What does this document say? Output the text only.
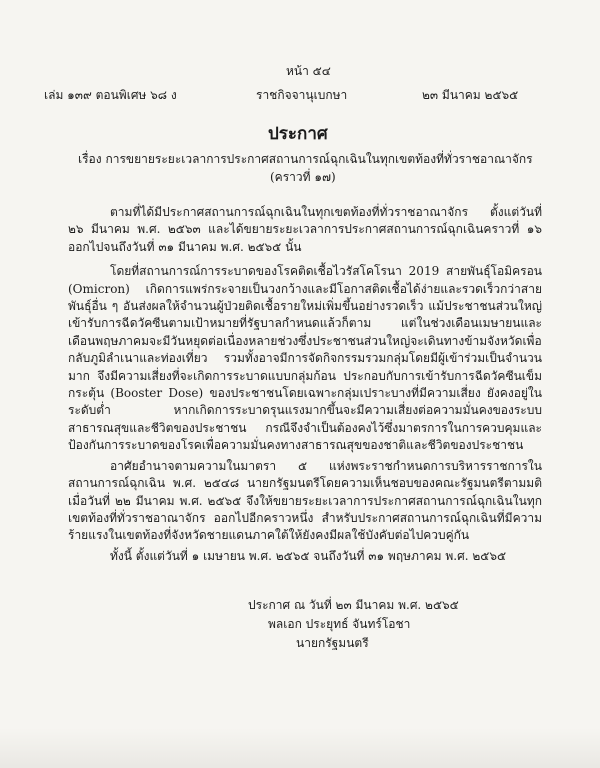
หน้า ๕๔
เล่ม ๑๓๙ ตอนพิเศษ ๖๘ ง	ราชกิจจานุเบกษา	๒๓ มีนาคม ๒๕๖๕
ประกาศ
เรื่อง การขยายระยะเวลาการประกาศสถานการณ์ฉุกเฉินในทุกเขตท้องที่ทั่วราชอาณาจักร
(คราวที่ ๑๗)

ตามที่ได้มีประกาศสถานการณ์ฉุกเฉินในทุกเขตท้องที่ทั่วราชอาณาจักร ตั้งแต่วันที่ ๒๖ มีนาคม พ.ศ. ๒๕๖๓ และได้ขยายระยะเวลาการประกาศสถานการณ์ฉุกเฉินคราวที่ ๑๖ ออกไปจนถึงวันที่ ๓๑ มีนาคม พ.ศ. ๒๕๖๕ นั้น

โดยที่สถานการณ์การระบาดของโรคติดเชื้อไวรัสโคโรนา 2019 สายพันธุ์โอมิครอน (Omicron) เกิดการแพร่กระจายเป็นวงกว้างและมีโอกาสติดเชื้อได้ง่ายและรวดเร็วกว่าสายพันธุ์อื่น ๆ อันส่งผลให้จำนวนผู้ป่วยติดเชื้อรายใหม่เพิ่มขึ้นอย่างรวดเร็ว แม้ประชาชนส่วนใหญ่เข้ารับการฉีดวัคซีนตามเป้าหมายที่รัฐบาลกำหนดแล้วก็ตาม แต่ในช่วงเดือนเมษายนและเดือนพฤษภาคมจะมีวันหยุดต่อเนื่องหลายช่วงซึ่งประชาชนส่วนใหญ่จะเดินทางข้ามจังหวัดเพื่อกลับภูมิลำเนาและท่องเที่ยว รวมทั้งอาจมีการจัดกิจกรรมรวมกลุ่มโดยมีผู้เข้าร่วมเป็นจำนวนมาก จึงมีความเสี่ยงที่จะเกิดการระบาดแบบกลุ่มก้อน ประกอบกับการเข้ารับการฉีดวัคซีนเข็มกระตุ้น (Booster Dose) ของประชาชนโดยเฉพาะกลุ่มเปราะบางที่มีความเสี่ยง ยังคงอยู่ในระดับต่ำ หากเกิดการระบาดรุนแรงมากขึ้นจะมีความเสี่ยงต่อความมั่นคงของระบบสาธารณสุขและชีวิตของประชาชน กรณีจึงจำเป็นต้องคงไว้ซึ่งมาตรการในการควบคุมและป้องกันการระบาดของโรคเพื่อความมั่นคงทางสาธารณสุขของชาติและชีวิตของประชาชน

อาศัยอำนาจตามความในมาตรา ๕ แห่งพระราชกำหนดการบริหารราชการในสถานการณ์ฉุกเฉิน พ.ศ. ๒๕๔๘ นายกรัฐมนตรีโดยความเห็นชอบของคณะรัฐมนตรีตามมติเมื่อวันที่ ๒๒ มีนาคม พ.ศ. ๒๕๖๕ จึงให้ขยายระยะเวลาการประกาศสถานการณ์ฉุกเฉินในทุกเขตท้องที่ทั่วราชอาณาจักร ออกไปอีกคราวหนึ่ง สำหรับประกาศสถานการณ์ฉุกเฉินที่มีความร้ายแรงในเขตท้องที่จังหวัดชายแดนภาคใต้ให้ยังคงมีผลใช้บังคับต่อไปควบคู่กัน

ทั้งนี้ ตั้งแต่วันที่ ๑ เมษายน พ.ศ. ๒๕๖๕ จนถึงวันที่ ๓๑ พฤษภาคม พ.ศ. ๒๕๖๕

ประกาศ ณ วันที่ ๒๓ มีนาคม พ.ศ. ๒๕๖๕
พลเอก ประยุทธ์ จันทร์โอชา
นายกรัฐมนตรี
